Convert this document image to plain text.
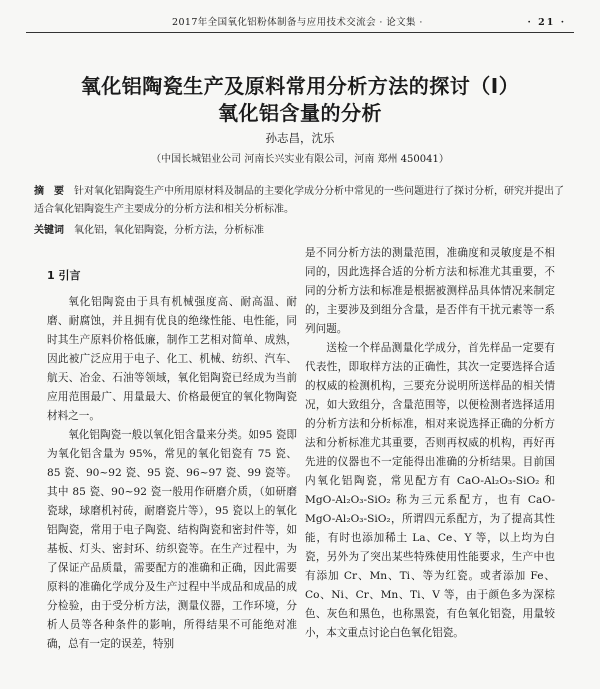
2017年全国氧化铝粉体制备与应用技术交流会 · 论文集 ·	· 21 ·
氧化铝陶瓷生产及原料常用分析方法的探讨（I）
氧化铝含量的分析
孙志昌，沈乐
（中国长城铝业公司 河南长兴实业有限公司，河南 郑州 450041）

摘　要 针对氧化铝陶瓷生产中所用原材料及制品的主要化学成分分析中常见的一些问题进行了探讨分析，研究并提出了适合氧化铝陶瓷生产主要成分的分析方法和相关分析标准。

关键词 氧化铝，氧化铝陶瓷，分析方法，分析标准

1 引言

氧化铝陶瓷由于具有机械强度高、耐高温、耐磨、耐腐蚀，并且拥有优良的绝缘性能、电性能，同时其生产原料价格低廉，制作工艺相对简单、成熟，因此被广泛应用于电子、化工、机械、纺织、汽车、航天、冶金、石油等领域，氧化铝陶瓷已经成为当前应用范围最广、用量最大、价格最便宜的氧化物陶瓷材料之一。

氧化铝陶瓷一般以氧化铝含量来分类。如95 瓷即为氧化铝含量为 95%，常见的氧化铝瓷有 75 瓷、85 瓷、90~92 瓷、95 瓷、96~97 瓷、99 瓷等。其中 85 瓷、90~92 瓷一般用作研磨介质，（如研磨瓷球，球磨机衬砖，耐磨瓷片等），95 瓷以上的氧化铝陶瓷，常用于电子陶瓷、结构陶瓷和密封件等，如基板、灯头、密封环、纺织瓷等。在生产过程中，为了保证产品质量，需要配方的准确和正确，因此需要原料的准确化学成分及生产过程中半成品和成品的成分检验，由于受分析方法，测量仪器，工作环境，分析人员等各种条件的影响，所得结果不可能绝对准确，总有一定的误差，特别

是不同分析方法的测量范围，准确度和灵敏度是不相同的，因此选择合适的分析方法和标准尤其重要，不同的分析方法和标准是根据被测样品具体情况来制定的，主要涉及到组分含量，是否伴有干扰元素等一系列问题。

送检一个样品测量化学成分，首先样品一定要有代表性，即取样方法的正确性，其次一定要选择合适的权威的检测机构，三要充分说明所送样品的相关情况，如大致组分，含量范围等，以便检测者选择适用的分析方法和分析标准，相对来说选择正确的分析方法和分析标准尤其重要，否则再权威的机构，再好再先进的仪器也不一定能得出准确的分析结果。目前国内氧化铝陶瓷，常见配方有 CaO-Al₂O₃-SiO₂ 和 MgO-Al₂O₃-SiO₂ 称为三元系配方，也有 CaO-MgO-Al₂O₃-SiO₂，所谓四元系配方，为了提高其性能，有时也添加稀土 La、Ce、Y 等，以上均为白瓷，另外为了突出某些特殊使用性能要求，生产中也有添加 Cr、Mn、Ti、等为红瓷。或者添加 Fe、Co、Ni、Cr、Mn、Ti、V 等，由于颜色多为深棕色、灰色和黑色，也称黑瓷，有色氧化铝瓷，用量较小，本文重点讨论白色氧化铝瓷。
